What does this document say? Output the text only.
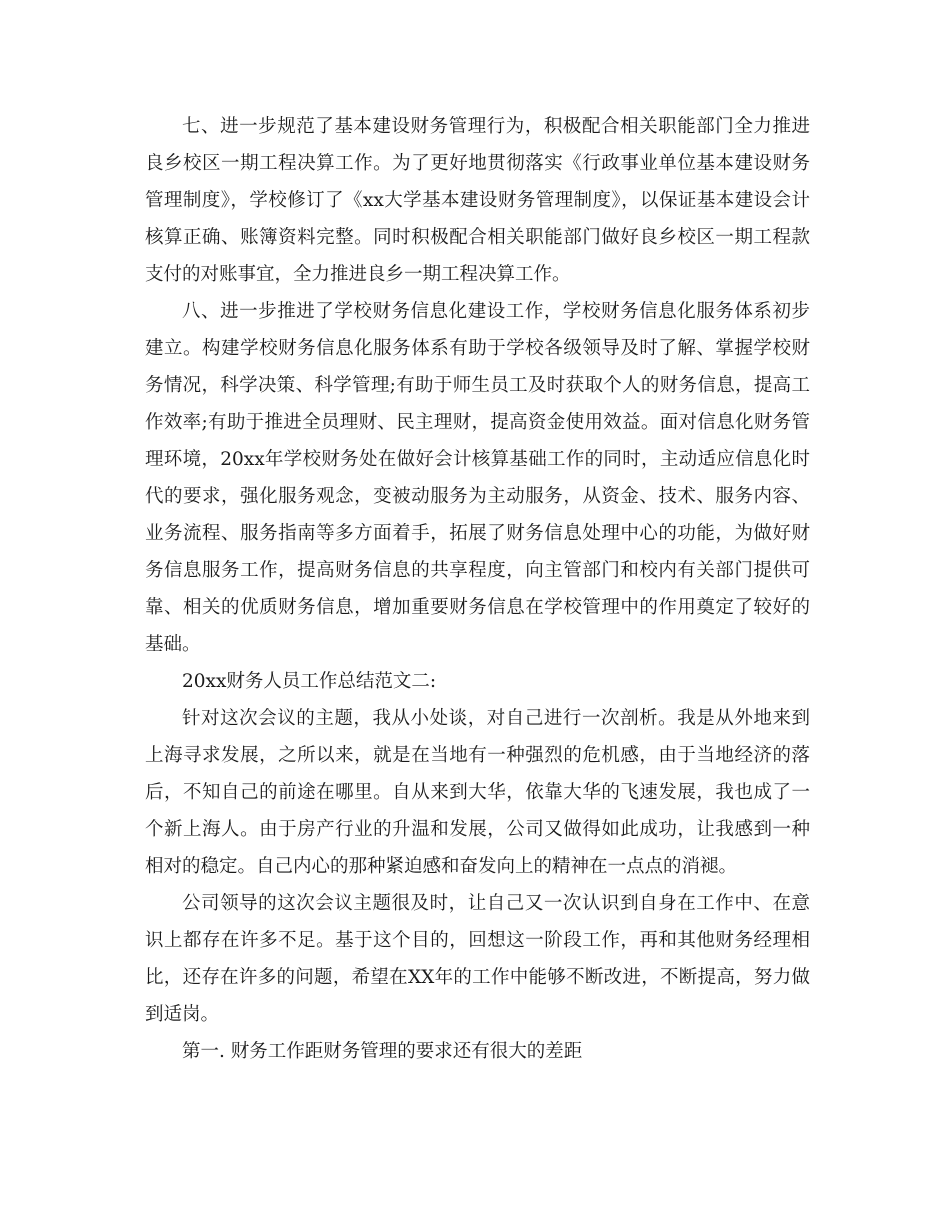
七、进一步规范了基本建设财务管理行为，积极配合相关职能部门全力推进良乡校区一期工程决算工作。为了更好地贯彻落实《行政事业单位基本建设财务管理制度》，学校修订了《xx大学基本建设财务管理制度》，以保证基本建设会计核算正确、账簿资料完整。同时积极配合相关职能部门做好良乡校区一期工程款支付的对账事宜，全力推进良乡一期工程决算工作。

八、进一步推进了学校财务信息化建设工作，学校财务信息化服务体系初步建立。构建学校财务信息化服务体系有助于学校各级领导及时了解、掌握学校财务情况，科学决策、科学管理;有助于师生员工及时获取个人的财务信息，提高工作效率;有助于推进全员理财、民主理财，提高资金使用效益。面对信息化财务管理环境，20xx年学校财务处在做好会计核算基础工作的同时，主动适应信息化时代的要求，强化服务观念，变被动服务为主动服务，从资金、技术、服务内容、业务流程、服务指南等多方面着手，拓展了财务信息处理中心的功能，为做好财务信息服务工作，提高财务信息的共享程度，向主管部门和校内有关部门提供可靠、相关的优质财务信息，增加重要财务信息在学校管理中的作用奠定了较好的基础。

20xx财务人员工作总结范文二:

针对这次会议的主题，我从小处谈，对自己进行一次剖析。我是从外地来到上海寻求发展，之所以来，就是在当地有一种强烈的危机感，由于当地经济的落后，不知自己的前途在哪里。自从来到大华，依靠大华的飞速发展，我也成了一个新上海人。由于房产行业的升温和发展，公司又做得如此成功，让我感到一种相对的稳定。自己内心的那种紧迫感和奋发向上的精神在一点点的消褪。

公司领导的这次会议主题很及时，让自己又一次认识到自身在工作中、在意识上都存在许多不足。基于这个目的，回想这一阶段工作，再和其他财务经理相比，还存在许多的问题，希望在XX年的工作中能够不断改进，不断提高，努力做到适岗。

第一. 财务工作距财务管理的要求还有很大的差距
